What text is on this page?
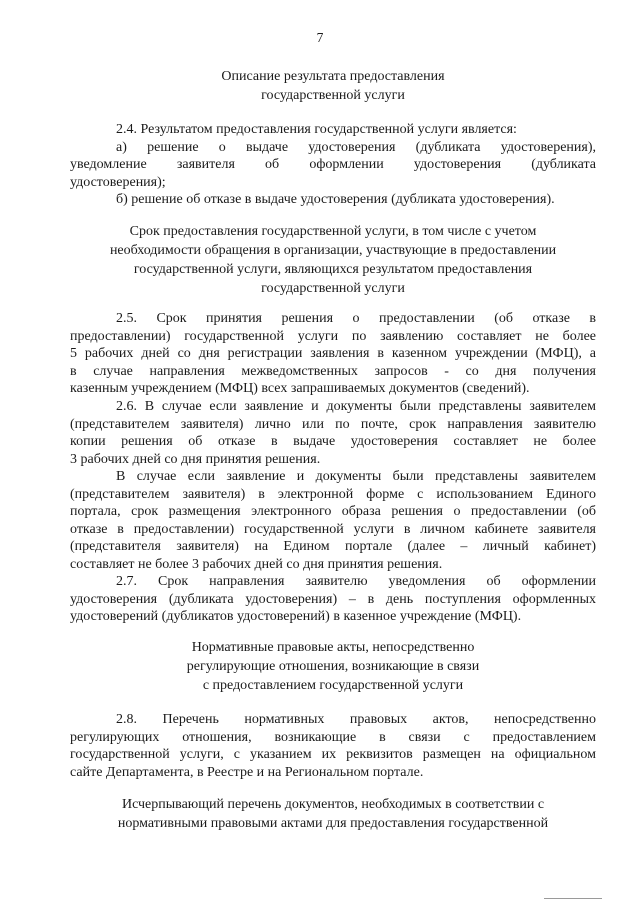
7
Описание результата предоставления
государственной услуги
2.4. Результатом предоставления государственной услуги является:
а) решение о выдаче удостоверения (дубликата удостоверения),
уведомление заявителя об оформлении удостоверения (дубликата
удостоверения);
б) решение об отказе в выдаче удостоверения (дубликата удостоверения).
Срок предоставления государственной услуги, в том числе с учетом
необходимости обращения в организации, участвующие в предоставлении
государственной услуги, являющихся результатом предоставления
государственной услуги
2.5. Срок принятия решения о предоставлении (об отказе в
предоставлении) государственной услуги по заявлению составляет не более
5 рабочих дней со дня регистрации заявления в казенном учреждении (МФЦ), а
в случае направления межведомственных запросов - со дня получения
казенным учреждением (МФЦ) всех запрашиваемых документов (сведений).
2.6. В случае если заявление и документы были представлены заявителем
(представителем заявителя) лично или по почте, срок направления заявителю
копии решения об отказе в выдаче удостоверения составляет не более
3 рабочих дней со дня принятия решения.
В случае если заявление и документы были представлены заявителем
(представителем заявителя) в электронной форме с использованием Единого
портала, срок размещения электронного образа решения о предоставлении (об
отказе в предоставлении) государственной услуги в личном кабинете заявителя
(представителя заявителя) на Едином портале (далее – личный кабинет)
составляет не более 3 рабочих дней со дня принятия решения.
2.7. Срок направления заявителю уведомления об оформлении
удостоверения (дубликата удостоверения) – в день поступления оформленных
удостоверений (дубликатов удостоверений) в казенное учреждение (МФЦ).
Нормативные правовые акты, непосредственно
регулирующие отношения, возникающие в связи
с предоставлением государственной услуги
2.8. Перечень нормативных правовых актов, непосредственно
регулирующих отношения, возникающие в связи с предоставлением
государственной услуги, с указанием их реквизитов размещен на официальном
сайте Департамента, в Реестре и на Региональном портале.
Исчерпывающий перечень документов, необходимых в соответствии с
нормативными правовыми актами для предоставления государственной
